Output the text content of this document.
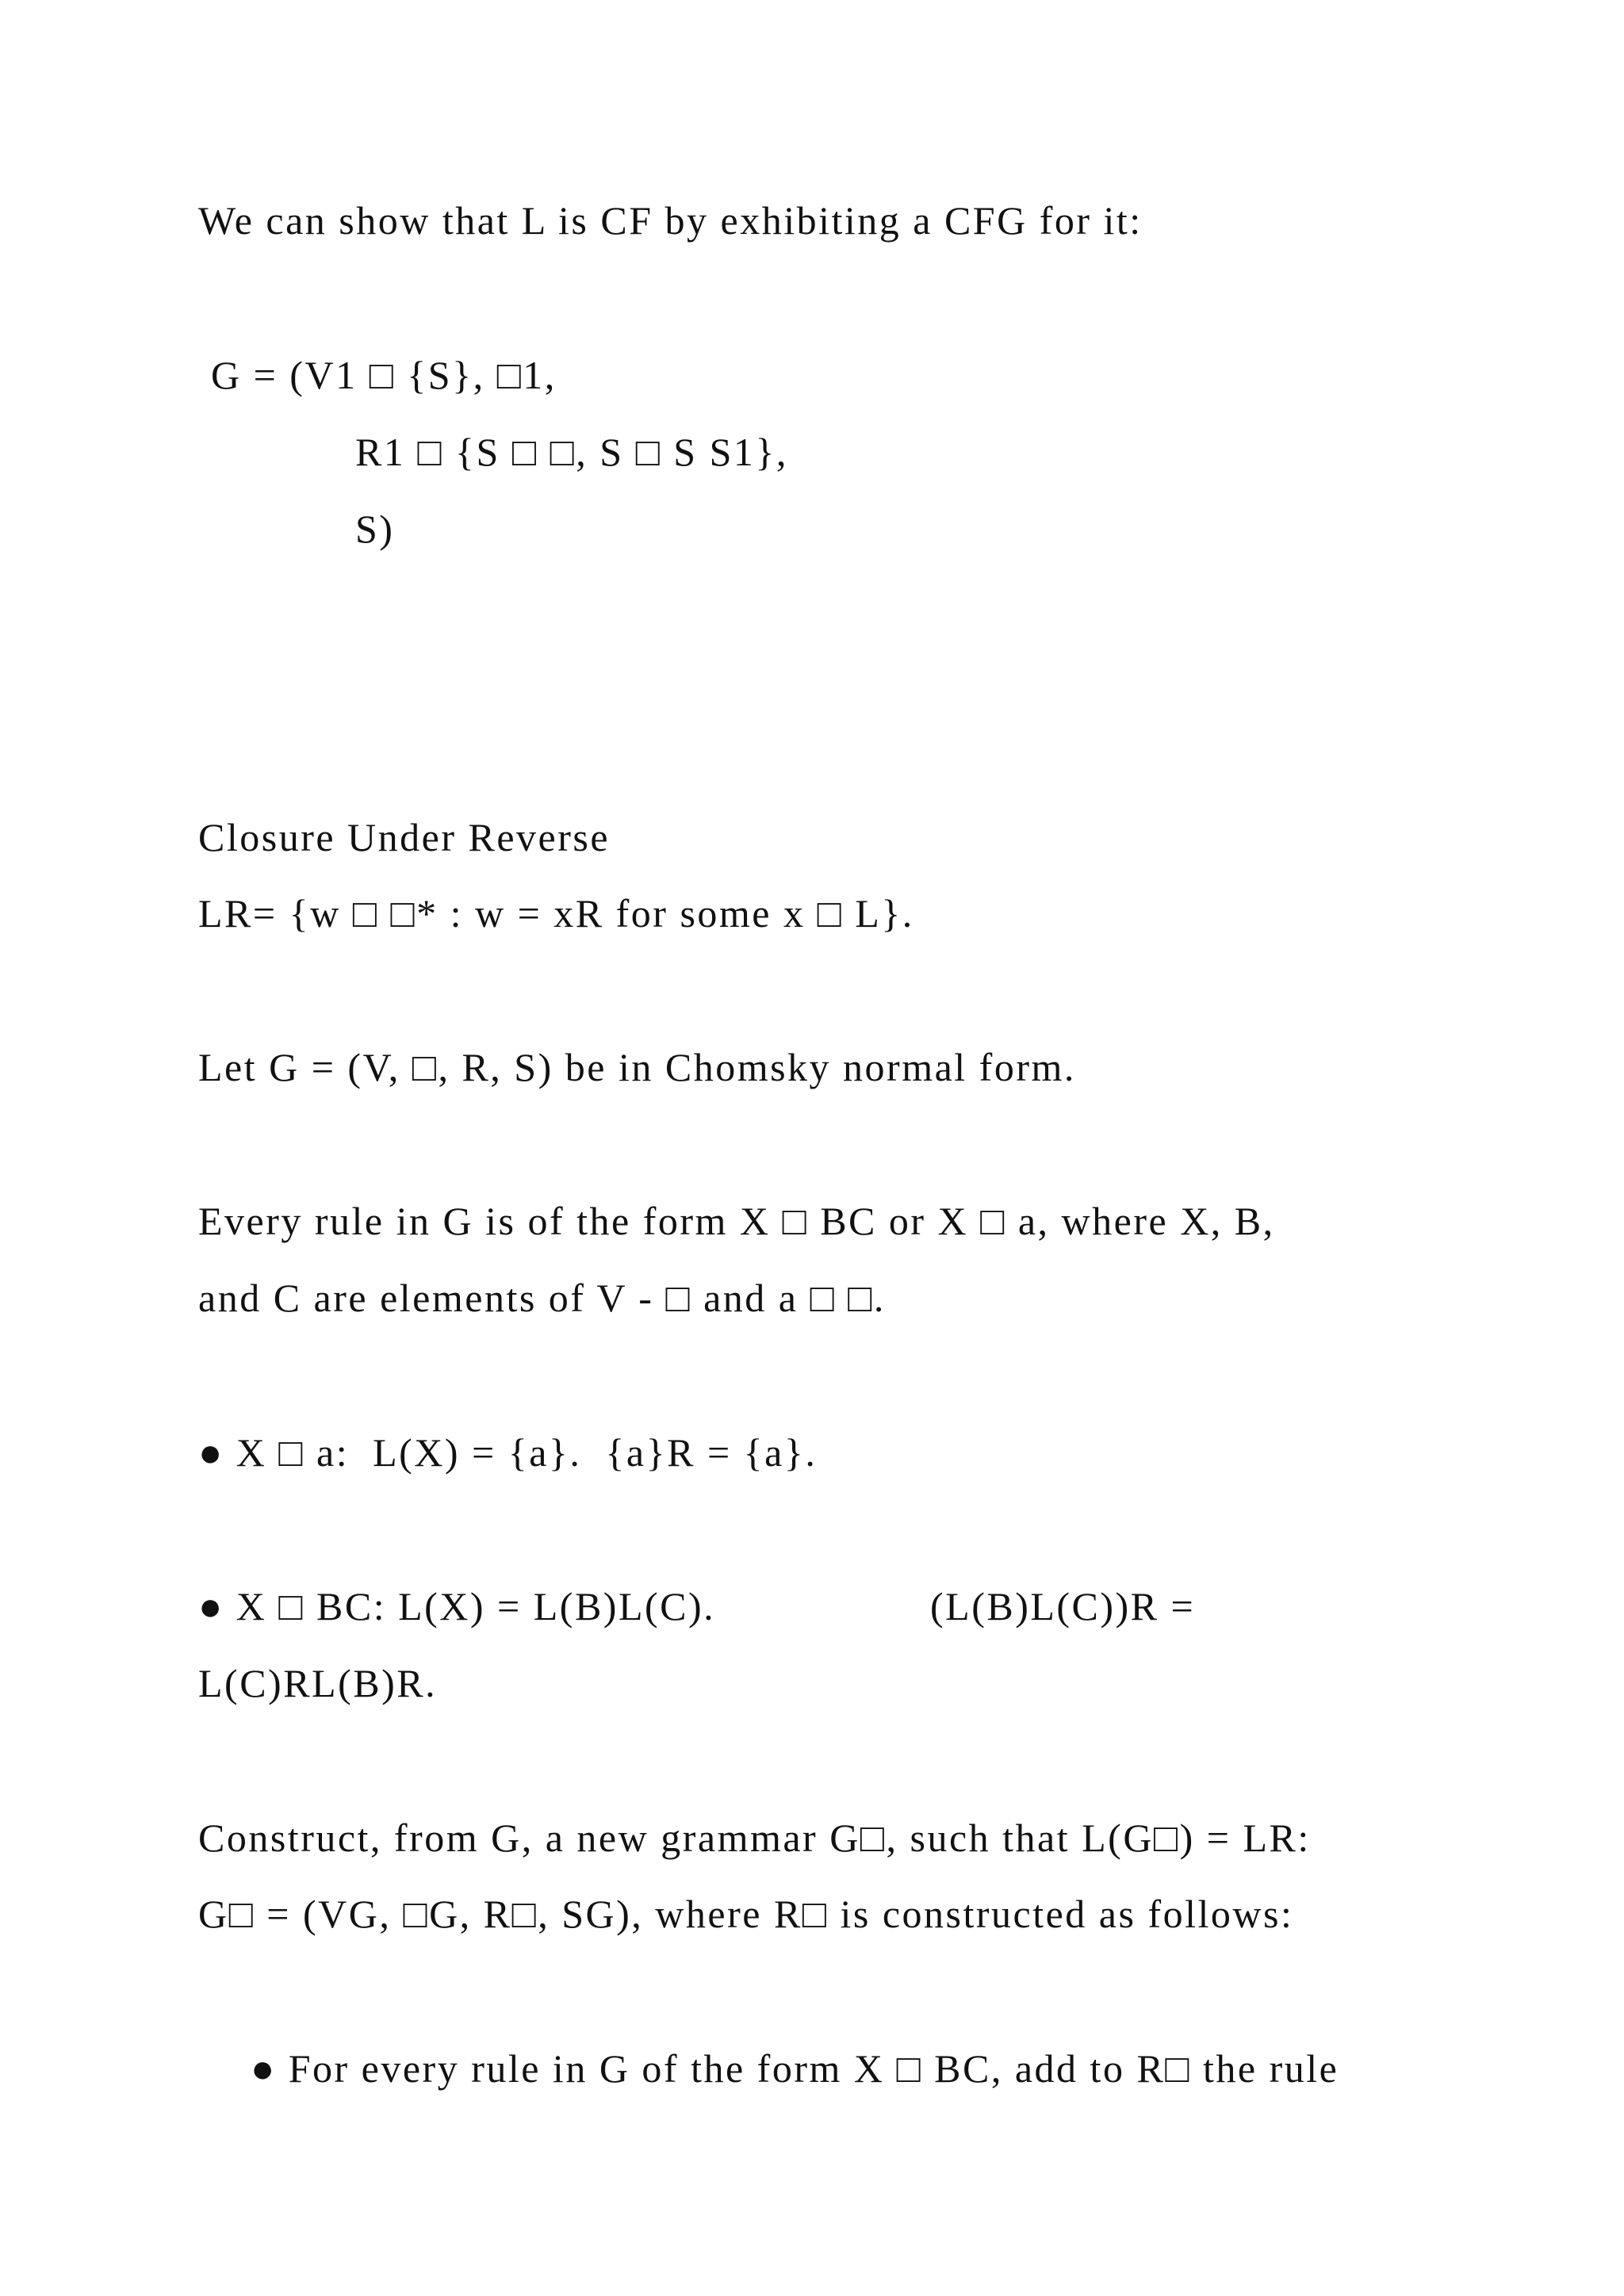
We can show that L is CF by exhibiting a CFG for it:
G = (V1 □ {S}, □1,
R1 □ {S □ □, S □ S S1},
S)
Closure Under Reverse
LR= {w □ □* : w = xR for some x □ L}.
Let G = (V, □, R, S) be in Chomsky normal form.
Every rule in G is of the form X □ BC or X □ a, where X, B,
and C are elements of V - □ and a □ □.
● X □ a:  L(X) = {a}.  {a}R = {a}.
● X □ BC: L(X) = L(B)L(C).	(L(B)L(C))R =
L(C)RL(B)R.
Construct, from G, a new grammar G□, such that L(G□) = LR:
G□ = (VG, □G, R□, SG), where R□ is constructed as follows:
● For every rule in G of the form X □ BC, add to R□ the rule
